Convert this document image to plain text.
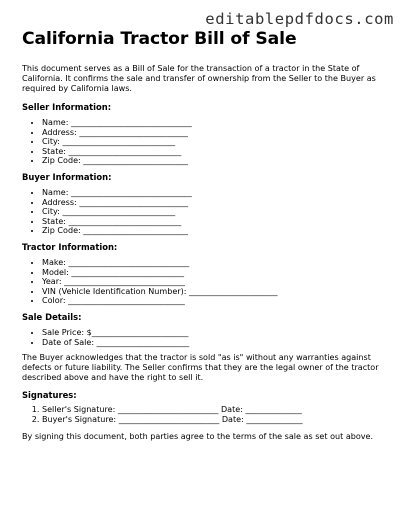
editablepdfdocs.com
California Tractor Bill of Sale

This document serves as a Bill of Sale for the transaction of a tractor in the State of California. It confirms the sale and transfer of ownership from the Seller to the Buyer as required by California laws.

Seller Information:
• Name: ______________________________
• Address: ___________________________
• City: ____________________________
• State: ____________________________
• Zip Code: __________________________
Buyer Information:
• Name: ______________________________
• Address: ___________________________
• City: ____________________________
• State: ____________________________
• Zip Code: __________________________
Tractor Information:
• Make: ______________________________
• Model: ____________________________
• Year: ______________________________
• VIN (Vehicle Identification Number): ______________________
• Color: _____________________________
Sale Details:
• Sale Price: $________________________
• Date of Sale: _______________________

The Buyer acknowledges that the tractor is sold "as is" without any warranties against defects or future liability. The Seller confirms that they are the legal owner of the tractor described above and have the right to sell it.

Signatures:
1. Seller's Signature: _________________________ Date: ______________
2. Buyer's Signature: _________________________ Date: ______________

By signing this document, both parties agree to the terms of the sale as set out above.
